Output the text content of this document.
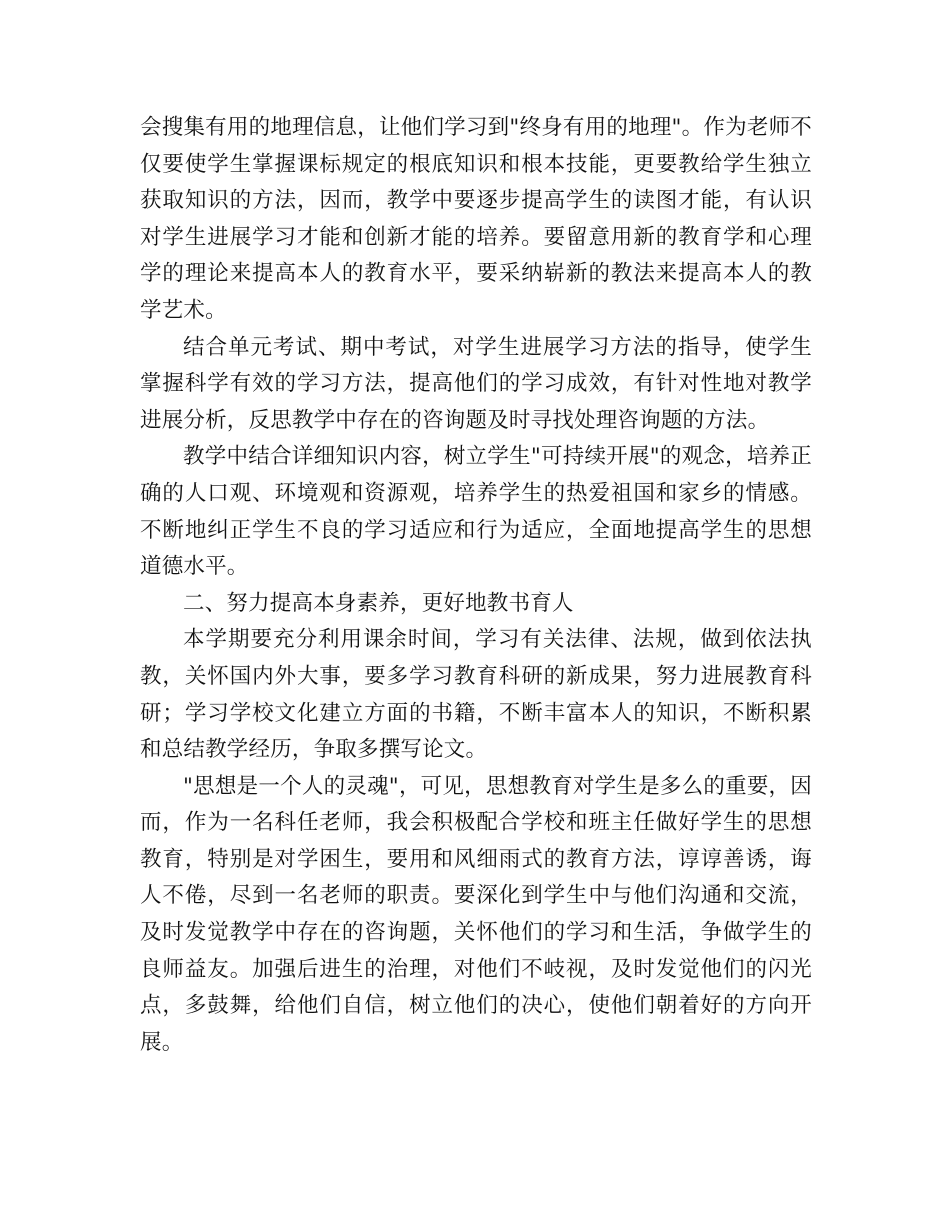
会搜集有用的地理信息，让他们学习到"终身有用的地理"。作为老师不仅要使学生掌握课标规定的根底知识和根本技能，更要教给学生独立获取知识的方法，因而，教学中要逐步提高学生的读图才能，有认识对学生进展学习才能和创新才能的培养。要留意用新的教育学和心理学的理论来提高本人的教育水平，要采纳崭新的教法来提高本人的教学艺术。

结合单元考试、期中考试，对学生进展学习方法的指导，使学生掌握科学有效的学习方法，提高他们的学习成效，有针对性地对教学进展分析，反思教学中存在的咨询题及时寻找处理咨询题的方法。

教学中结合详细知识内容，树立学生"可持续开展"的观念，培养正确的人口观、环境观和资源观，培养学生的热爱祖国和家乡的情感。不断地纠正学生不良的学习适应和行为适应，全面地提高学生的思想道德水平。

二、努力提高本身素养，更好地教书育人

本学期要充分利用课余时间，学习有关法律、法规，做到依法执教，关怀国内外大事，要多学习教育科研的新成果，努力进展教育科研；学习学校文化建立方面的书籍，不断丰富本人的知识，不断积累和总结教学经历，争取多撰写论文。

"思想是一个人的灵魂"，可见，思想教育对学生是多么的重要，因而，作为一名科任老师，我会积极配合学校和班主任做好学生的思想教育，特别是对学困生，要用和风细雨式的教育方法，谆谆善诱，诲人不倦，尽到一名老师的职责。要深化到学生中与他们沟通和交流，及时发觉教学中存在的咨询题，关怀他们的学习和生活，争做学生的良师益友。加强后进生的治理，对他们不岐视，及时发觉他们的闪光点，多鼓舞，给他们自信，树立他们的决心，使他们朝着好的方向开展。
